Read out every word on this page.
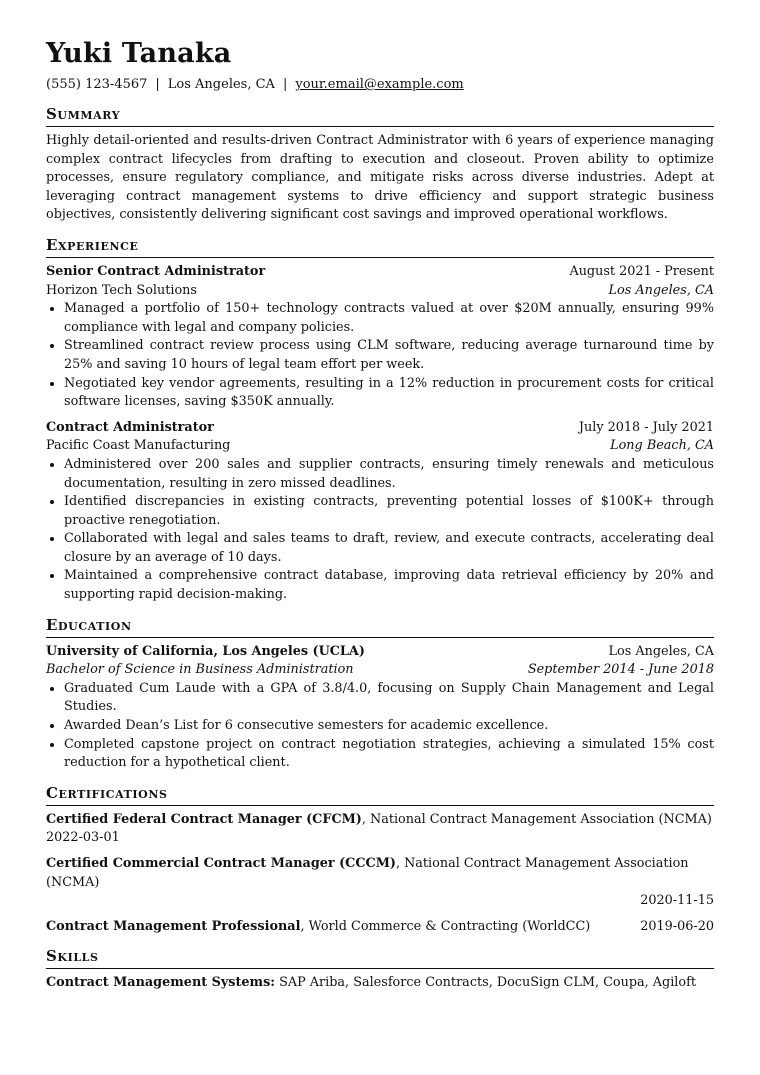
Yuki Tanaka
(555) 123-4567 | Los Angeles, CA | your.email@example.com
Summary

Highly detail-oriented and results-driven Contract Administrator with 6 years of experience managing complex contract lifecycles from drafting to execution and closeout. Proven ability to optimize processes, ensure regulatory compliance, and mitigate risks across diverse industries. Adept at leveraging contract management systems to drive efficiency and support strategic business objectives, consistently delivering significant cost savings and improved operational workflows.

Experience
Senior Contract Administrator	August 2021 - Present
Horizon Tech Solutions	Los Angeles, CA
• Managed a portfolio of 150+ technology contracts valued at over $20M annually, ensuring 99% compliance with legal and company policies.
• Streamlined contract review process using CLM software, reducing average turnaround time by 25% and saving 10 hours of legal team effort per week.
• Negotiated key vendor agreements, resulting in a 12% reduction in procurement costs for critical software licenses, saving $350K annually.
Contract Administrator	July 2018 - July 2021
Pacific Coast Manufacturing	Long Beach, CA
• Administered over 200 sales and supplier contracts, ensuring timely renewals and meticulous documentation, resulting in zero missed deadlines.
• Identified discrepancies in existing contracts, preventing potential losses of $100K+ through proactive renegotiation.
• Collaborated with legal and sales teams to draft, review, and execute contracts, accelerating deal closure by an average of 10 days.
• Maintained a comprehensive contract database, improving data retrieval efficiency by 20% and supporting rapid decision-making.
Education
University of California, Los Angeles (UCLA)	Los Angeles, CA
Bachelor of Science in Business Administration	September 2014 - June 2018
• Graduated Cum Laude with a GPA of 3.8/4.0, focusing on Supply Chain Management and Legal Studies.
• Awarded Dean’s List for 6 consecutive semesters for academic excellence.
• Completed capstone project on contract negotiation strategies, achieving a simulated 15% cost reduction for a hypothetical client.
Certifications
Certified Federal Contract Manager (CFCM), National Contract Management Association (NCMA)
2022-03-01
Certified Commercial Contract Manager (CCCM), National Contract Management Association (NCMA)
2020-11-15
Contract Management Professional, World Commerce & Contracting (WorldCC)	2019-06-20
Skills
Contract Management Systems: SAP Ariba, Salesforce Contracts, DocuSign CLM, Coupa, Agiloft
